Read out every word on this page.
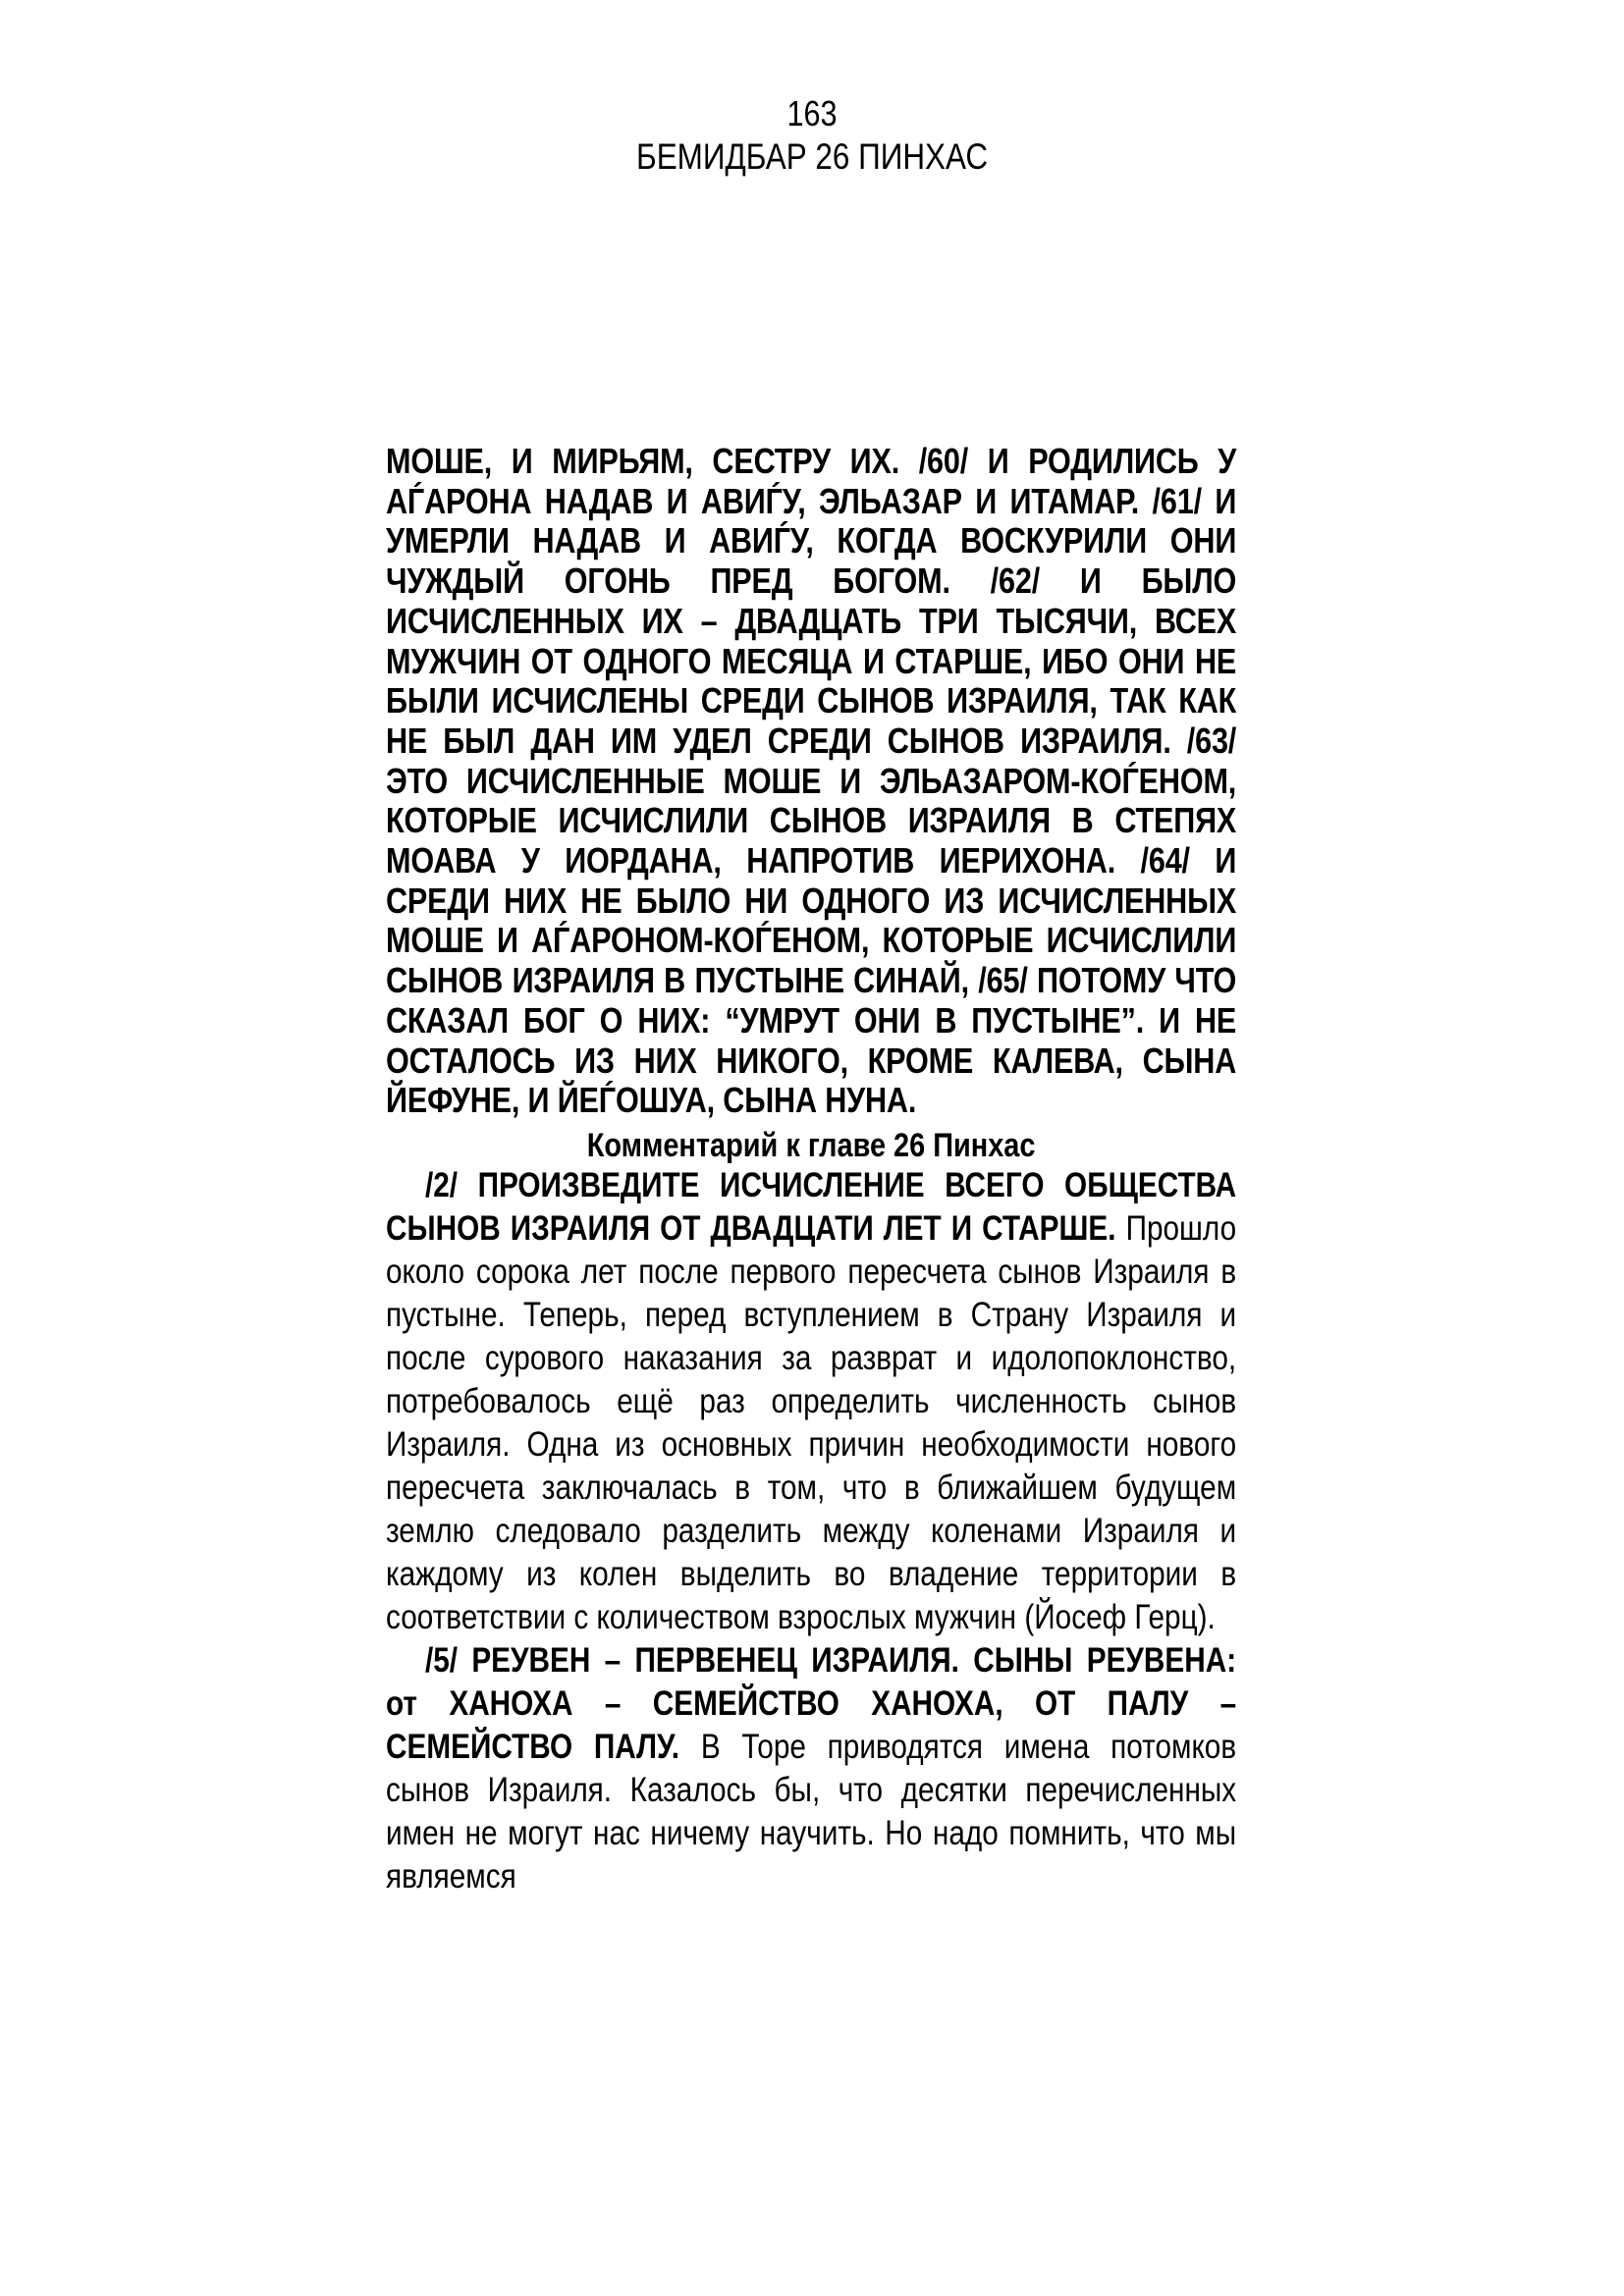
163
БЕМИДБАР 26 ПИНХАС
МОШЕ, И МИРЬЯМ, СЕСТРУ ИХ. /60/ И РОДИЛИСЬ У АЃАРОНА НАДАВ И АВИЃУ, ЭЛЬАЗАР И ИТАМАР. /61/ И УМЕРЛИ НАДАВ И АВИЃУ, КОГДА ВОСКУРИЛИ ОНИ ЧУЖДЫЙ ОГОНЬ ПРЕД БОГОМ. /62/ И БЫЛО ИСЧИСЛЕННЫХ ИХ – ДВАДЦАТЬ ТРИ ТЫСЯЧИ, ВСЕХ МУЖЧИН ОТ ОДНОГО МЕСЯЦА И СТАРШЕ, ИБО ОНИ НЕ БЫЛИ ИСЧИСЛЕНЫ СРЕДИ СЫНОВ ИЗРАИЛЯ, ТАК КАК НЕ БЫЛ ДАН ИМ УДЕЛ СРЕДИ СЫНОВ ИЗРАИЛЯ. /63/ ЭТО ИСЧИСЛЕННЫЕ МОШЕ И ЭЛЬАЗАРОМ-КОЃЕНОМ, КОТОРЫЕ ИСЧИСЛИЛИ СЫНОВ ИЗРАИЛЯ В СТЕПЯХ МОАВА У ИОРДАНА, НАПРОТИВ ИЕРИХОНА. /64/ И СРЕДИ НИХ НЕ БЫЛО НИ ОДНОГО ИЗ ИСЧИСЛЕННЫХ МОШЕ И АЃАРОНОМ-КОЃЕНОМ, КОТОРЫЕ ИСЧИСЛИЛИ СЫНОВ ИЗРАИЛЯ В ПУСТЫНЕ СИНАЙ, /65/ ПОТОМУ ЧТО СКАЗАЛ БОГ О НИХ: “УМРУТ ОНИ В ПУСТЫНЕ”. И НЕ ОСТАЛОСЬ ИЗ НИХ НИКОГО, КРОМЕ КАЛЕВА, СЫНА ЙЕФУНЕ, И ЙЕЃОШУА, СЫНА НУНА.
Комментарий к главе 26 Пинхас

/2/ ПРОИЗВЕДИТЕ ИСЧИСЛЕНИЕ ВСЕГО ОБЩЕСТВА СЫНОВ ИЗРАИЛЯ ОТ ДВАДЦАТИ ЛЕТ И СТАРШЕ. Прошло около сорока лет после первого пересчета сынов Израиля в пустыне. Теперь, перед вступлением в Страну Израиля и после сурового наказания за разврат и идолопоклонство, потребовалось ещё раз определить численность сынов Израиля. Одна из основных причин необходимости нового пересчета заключалась в том, что в ближайшем будущем землю следовало разделить между коленами Израиля и каждому из колен выделить во владение территории в соответствии с количеством взрослых мужчин (Йосеф Герц).

/5/ РЕУВЕН – ПЕРВЕНЕЦ ИЗРАИЛЯ. СЫНЫ РЕУВЕНА: от ХАНОХА – СЕМЕЙСТВО ХАНОХА, ОТ ПАЛУ – СЕМЕЙСТВО ПАЛУ. В Торе приводятся имена потомков сынов Израиля. Казалось бы, что десятки перечисленных имен не могут нас ничему научить. Но надо помнить, что мы являемся
